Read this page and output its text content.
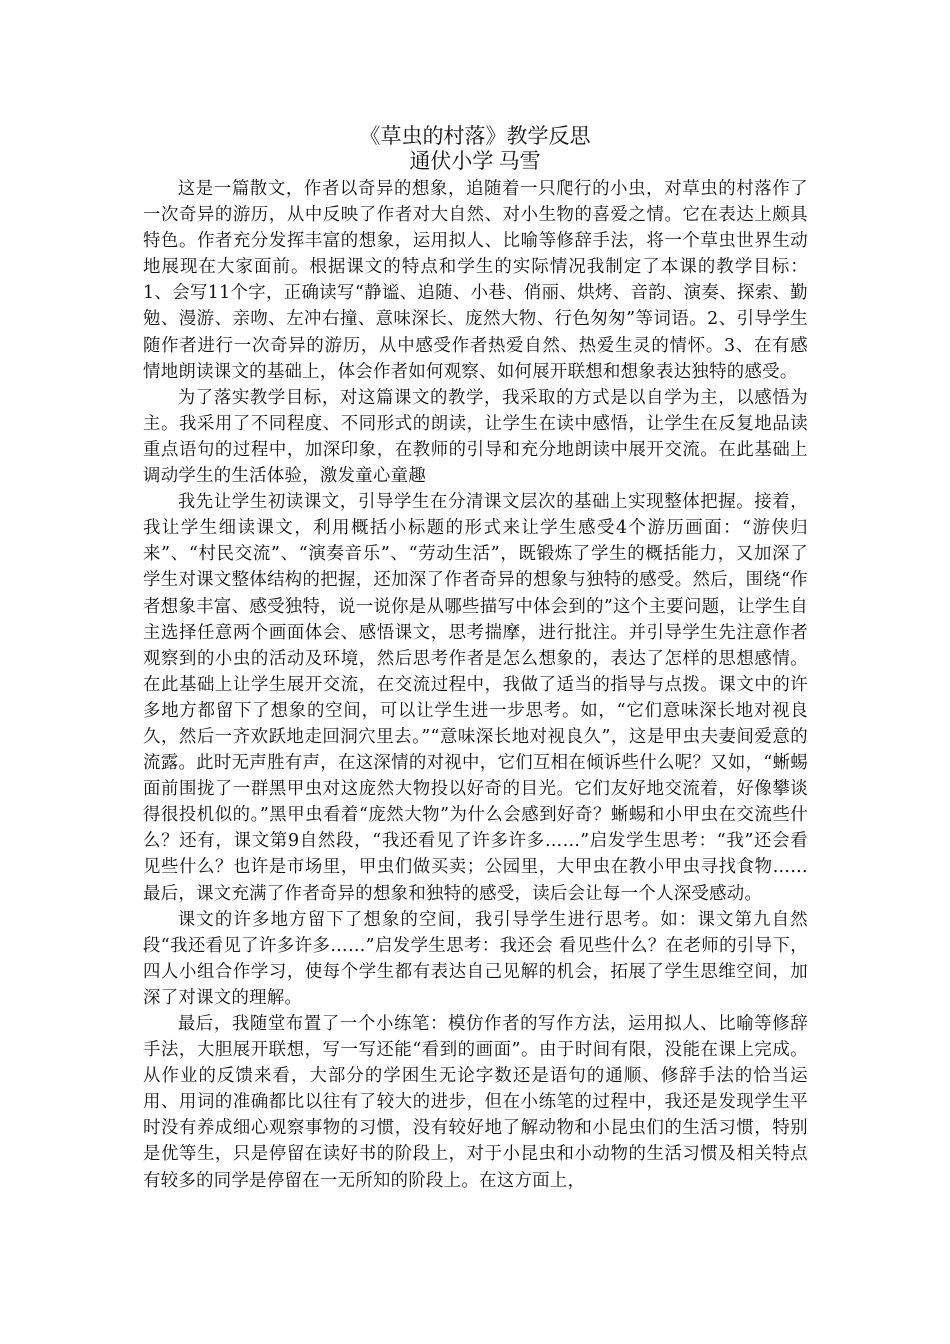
《草虫的村落》教学反思
通伏小学 马雪

这是一篇散文，作者以奇异的想象，追随着一只爬行的小虫，对草虫的村落作了一次奇异的游历，从中反映了作者对大自然、对小生物的喜爱之情。它在表达上颇具特色。作者充分发挥丰富的想象，运用拟人、比喻等修辞手法，将一个草虫世界生动地展现在大家面前。根据课文的特点和学生的实际情况我制定了本课的教学目标：1、会写11个字，正确读写“静谧、追随、小巷、俏丽、烘烤、音韵、演奏、探索、勤勉、漫游、亲吻、左冲右撞、意味深长、庞然大物、行色匆匆”等词语。2、引导学生随作者进行一次奇异的游历，从中感受作者热爱自然、热爱生灵的情怀。3、在有感情地朗读课文的基础上，体会作者如何观察、如何展开联想和想象表达独特的感受。

为了落实教学目标，对这篇课文的教学，我采取的方式是以自学为主，以感悟为主。我采用了不同程度、不同形式的朗读，让学生在读中感悟，让学生在反复地品读重点语句的过程中，加深印象，在教师的引导和充分地朗读中展开交流。在此基础上调动学生的生活体验，激发童心童趣

我先让学生初读课文，引导学生在分清课文层次的基础上实现整体把握。接着，我让学生细读课文，利用概括小标题的形式来让学生感受4个游历画面：“游侠归来”、“村民交流”、“演奏音乐”、“劳动生活”，既锻炼了学生的概括能力，又加深了学生对课文整体结构的把握，还加深了作者奇异的想象与独特的感受。然后，围绕“作者想象丰富、感受独特，说一说你是从哪些描写中体会到的”这个主要问题，让学生自主选择任意两个画面体会、感悟课文，思考揣摩，进行批注。并引导学生先注意作者观察到的小虫的活动及环境，然后思考作者是怎么想象的，表达了怎样的思想感情。在此基础上让学生展开交流，在交流过程中，我做了适当的指导与点拨。课文中的许多地方都留下了想象的空间，可以让学生进一步思考。如，“它们意味深长地对视良久，然后一齐欢跃地走回洞穴里去。”“意味深长地对视良久”，这是甲虫夫妻间爱意的流露。此时无声胜有声，在这深情的对视中，它们互相在倾诉些什么呢？又如，“蜥蜴面前围拢了一群黑甲虫对这庞然大物投以好奇的目光。它们友好地交流着，好像攀谈得很投机似的。”黑甲虫看着“庞然大物”为什么会感到好奇？蜥蜴和小甲虫在交流些什么？还有，课文第9自然段，“我还看见了许多许多……”启发学生思考：“我”还会看见些什么？也许是市场里，甲虫们做买卖；公园里，大甲虫在教小甲虫寻找食物……最后，课文充满了作者奇异的想象和独特的感受，读后会让每一个人深受感动。

课文的许多地方留下了想象的空间，我引导学生进行思考。如：课文第九自然段“我还看见了许多许多……”启发学生思考：我还会 看见些什么？在老师的引导下，四人小组合作学习，使每个学生都有表达自己见解的机会，拓展了学生思维空间，加深了对课文的理解。

最后，我随堂布置了一个小练笔：模仿作者的写作方法，运用拟人、比喻等修辞手法，大胆展开联想，写一写还能“看到的画面”。由于时间有限，没能在课上完成。从作业的反馈来看，大部分的学困生无论字数还是语句的通顺、修辞手法的恰当运用、用词的准确都比以往有了较大的进步，但在小练笔的过程中，我还是发现学生平时没有养成细心观察事物的习惯，没有较好地了解动物和小昆虫们的生活习惯，特别是优等生，只是停留在读好书的阶段上，对于小昆虫和小动物的生活习惯及相关特点有较多的同学是停留在一无所知的阶段上。在这方面上，
